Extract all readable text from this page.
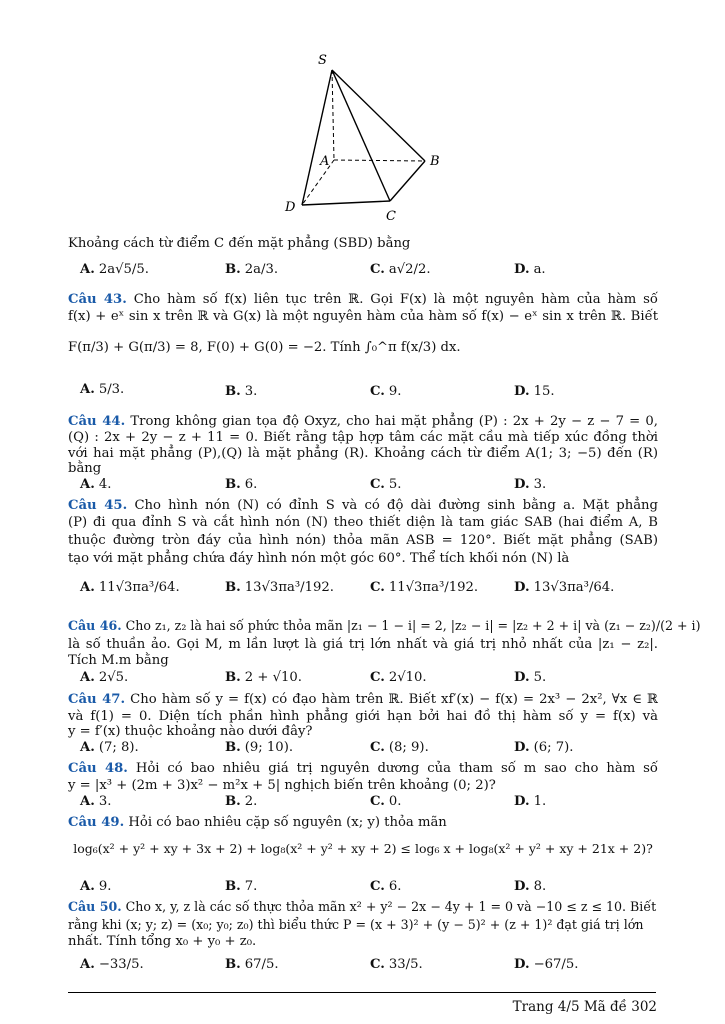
S
A	B
C
D
Khoảng cách từ điểm C đến mặt phẳng (SBD) bằng
A. 2a√5/5.	B. 2a/3.	C. a√2/2.	D. a.
Câu 43. Cho hàm số f(x) liên tục trên ℝ. Gọi F(x) là một nguyên hàm của hàm số
f(x) + eˣ sin x trên ℝ và G(x) là một nguyên hàm của hàm số f(x) − eˣ sin x trên ℝ. Biết
F(π/3) + G(π/3) = 8, F(0) + G(0) = −2. Tính ∫₀^π f(x/3) dx.
A. 5/3.	B. 3.	C. 9.	D. 15.
Câu 44. Trong không gian tọa độ Oxyz, cho hai mặt phẳng (P) : 2x + 2y − z − 7 = 0,
(Q) : 2x + 2y − z + 11 = 0. Biết rằng tập hợp tâm các mặt cầu mà tiếp xúc đồng thời
với hai mặt phẳng (P),(Q) là mặt phẳng (R). Khoảng cách từ điểm A(1; 3; −5) đến (R)
bằng
A. 4.	B. 6.	C. 5.	D. 3.
Câu 45. Cho hình nón (N) có đỉnh S và có độ dài đường sinh bằng a. Mặt phẳng
(P) đi qua đỉnh S và cắt hình nón (N) theo thiết diện là tam giác SAB (hai điểm A, B
thuộc đường tròn đáy của hình nón) thỏa mãn ASB = 120°. Biết mặt phẳng (SAB)
tạo với mặt phẳng chứa đáy hình nón một góc 60°. Thể tích khối nón (N) là
A. 11√3πa³/64.	B. 13√3πa³/192.	C. 11√3πa³/192.	D. 13√3πa³/64.
Câu 46. Cho z₁, z₂ là hai số phức thỏa mãn |z₁ − 1 − i| = 2, |z₂ − i| = |z₂ + 2 + i| và (z₁ − z₂)/(2 + i)
là số thuần ảo. Gọi M, m lần lượt là giá trị lớn nhất và giá trị nhỏ nhất của |z₁ − z₂|.
Tích M.m bằng
A. 2√5.	B. 2 + √10.	C. 2√10.	D. 5.
Câu 47. Cho hàm số y = f(x) có đạo hàm trên ℝ. Biết xf′(x) − f(x) = 2x³ − 2x², ∀x ∈ ℝ
và f(1) = 0. Diện tích phần hình phẳng giới hạn bởi hai đồ thị hàm số y = f(x) và
y = f′(x) thuộc khoảng nào dưới đây?
A. (7; 8).	B. (9; 10).	C. (8; 9).	D. (6; 7).
Câu 48. Hỏi có bao nhiêu giá trị nguyên dương của tham số m sao cho hàm số
y = |x³ + (2m + 3)x² − m²x + 5| nghịch biến trên khoảng (0; 2)?
A. 3.	B. 2.	C. 0.	D. 1.
Câu 49. Hỏi có bao nhiêu cặp số nguyên (x; y) thỏa mãn
log₆(x² + y² + xy + 3x + 2) + log₈(x² + y² + xy + 2) ≤ log₆ x + log₈(x² + y² + xy + 21x + 2)?
A. 9.	B. 7.	C. 6.	D. 8.
Câu 50. Cho x, y, z là các số thực thỏa mãn x² + y² − 2x − 4y + 1 = 0 và −10 ≤ z ≤ 10. Biết
rằng khi (x; y; z) = (x₀; y₀; z₀) thì biểu thức P = (x + 3)² + (y − 5)² + (z + 1)² đạt giá trị lớn
nhất. Tính tổng x₀ + y₀ + z₀.
A. −33/5.	B. 67/5.	C. 33/5.	D. −67/5.
Trang 4/5 Mã đề 302
